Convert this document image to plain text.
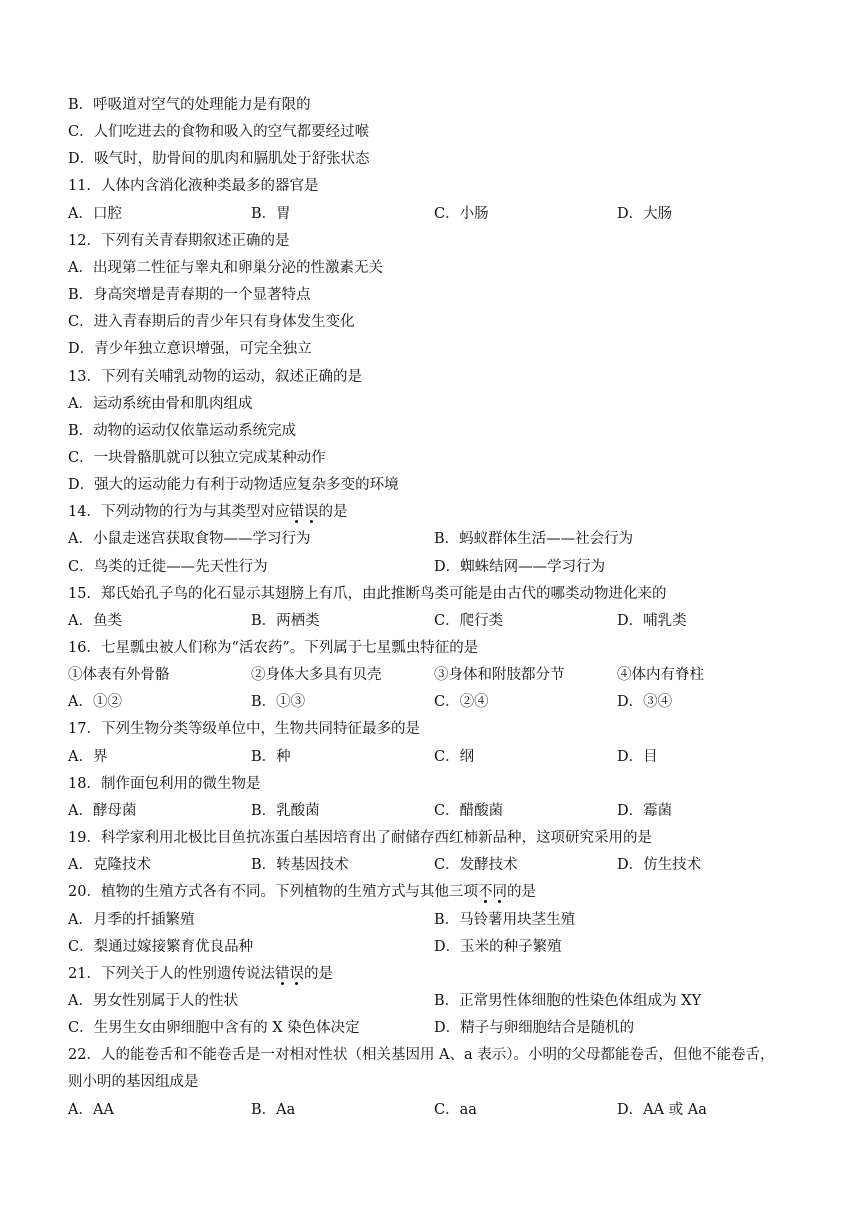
B．呼吸道对空气的处理能力是有限的
C．人们吃进去的食物和吸入的空气都要经过喉
D．吸气时，肋骨间的肌肉和膈肌处于舒张状态
11．人体内含消化液种类最多的器官是
A．口腔	B．胃	C．小肠	D．大肠
12．下列有关青春期叙述正确的是
A．出现第二性征与睾丸和卵巢分泌的性激素无关
B．身高突增是青春期的一个显著特点
C．进入青春期后的青少年只有身体发生变化
D．青少年独立意识增强，可完全独立
13．下列有关哺乳动物的运动，叙述正确的是
A．运动系统由骨和肌肉组成
B．动物的运动仅依靠运动系统完成
C．一块骨骼肌就可以独立完成某种动作
D．强大的运动能力有利于动物适应复杂多变的环境
14．下列动物的行为与其类型对应错
误
的是
A．小鼠走迷宫获取食物——学习行为	B．蚂蚁群体生活——社会行为
C．鸟类的迁徙——先天性行为	D．蜘蛛结网——学习行为
15．郑氏始孔子鸟的化石显示其翅膀上有爪，由此推断鸟类可能是由古代的哪类动物进化来的
A．鱼类	B．两栖类	C．爬行类	D．哺乳类
16．七星瓢虫被人们称为“活农药”。下列属于七星瓢虫特征的是
①体表有外骨骼	②身体大多具有贝壳	③身体和附肢都分节	④体内有脊柱
A．①②	B．①③	C．②④	D．③④
17．下列生物分类等级单位中，生物共同特征最多的是
A．界	B．种	C．纲	D．目
18．制作面包利用的微生物是
A．酵母菌	B．乳酸菌	C．醋酸菌	D．霉菌
19．科学家利用北极比目鱼抗冻蛋白基因培育出了耐储存西红柿新品种，这项研究采用的是
A．克隆技术	B．转基因技术	C．发酵技术	D．仿生技术
20．植物的生殖方式各有不同。下列植物的生殖方式与其他三项不
同
的是
A．月季的扦插繁殖	B．马铃薯用块茎生殖
C．梨通过嫁接繁育优良品种	D．玉米的种子繁殖
21．下列关于人的性别遗传说法错
误
的是
A．男女性别属于人的性状	B．正常男性体细胞的性染色体组成为 XY
C．生男生女由卵细胞中含有的 X 染色体决定	D．精子与卵细胞结合是随机的
22．人的能卷舌和不能卷舌是一对相对性状（相关基因用 A、a 表示）。小明的父母都能卷舌，但他不能卷舌，
则小明的基因组成是
A．AA	B．Aa	C．aa	D．AA 或 Aa
